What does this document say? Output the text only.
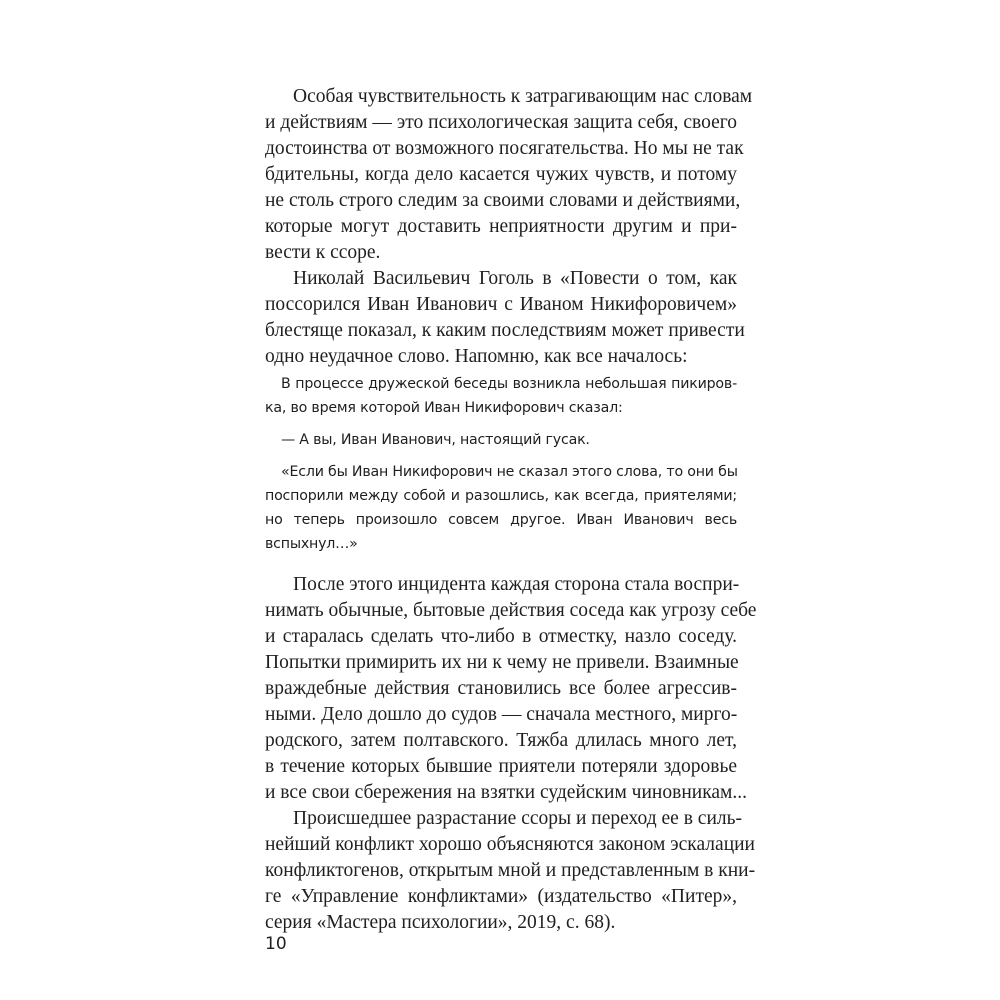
Особая чувствительность к затрагивающим нас словам
и действиям — это психологическая защита себя, своего
достоинства от возможного посягательства. Но мы не так
бдительны, когда дело касается чужих чувств, и потому
не столь строго следим за своими словами и действиями,
которые могут доставить неприятности другим и при-
вести к ссоре.
Николай Васильевич Гоголь в «Повести о том, как
поссорился Иван Иванович с Иваном Никифоровичем»
блестяще показал, к каким последствиям может привести
одно неудачное слово. Напомню, как все началось:
В процессе дружеской беседы возникла небольшая пикиров-
ка, во время которой Иван Никифорович сказал:
— А вы, Иван Иванович, настоящий гусак.
«Если бы Иван Никифорович не сказал этого слова, то они бы
поспорили между собой и разошлись, как всегда, приятелями;
но теперь произошло совсем другое. Иван Иванович весь
вспыхнул…»
После этого инцидента каждая сторона стала воспри-
нимать обычные, бытовые действия соседа как угрозу себе
и старалась сделать что-либо в отместку, назло соседу.
Попытки примирить их ни к чему не привели. Взаимные
враждебные действия становились все более агрессив-
ными. Дело дошло до судов — сначала местного, мирго-
родского, затем полтавского. Тяжба длилась много лет,
в течение которых бывшие приятели потеряли здоровье
и все свои сбережения на взятки судейским чиновникам...
Происшедшее разрастание ссоры и переход ее в силь-
нейший конфликт хорошо объясняются законом эскалации
конфликтогенов, открытым мной и представленным в кни-
ге «Управление конфликтами» (издательство «Питер»,
серия «Мастера психологии», 2019, с. 68).
10
